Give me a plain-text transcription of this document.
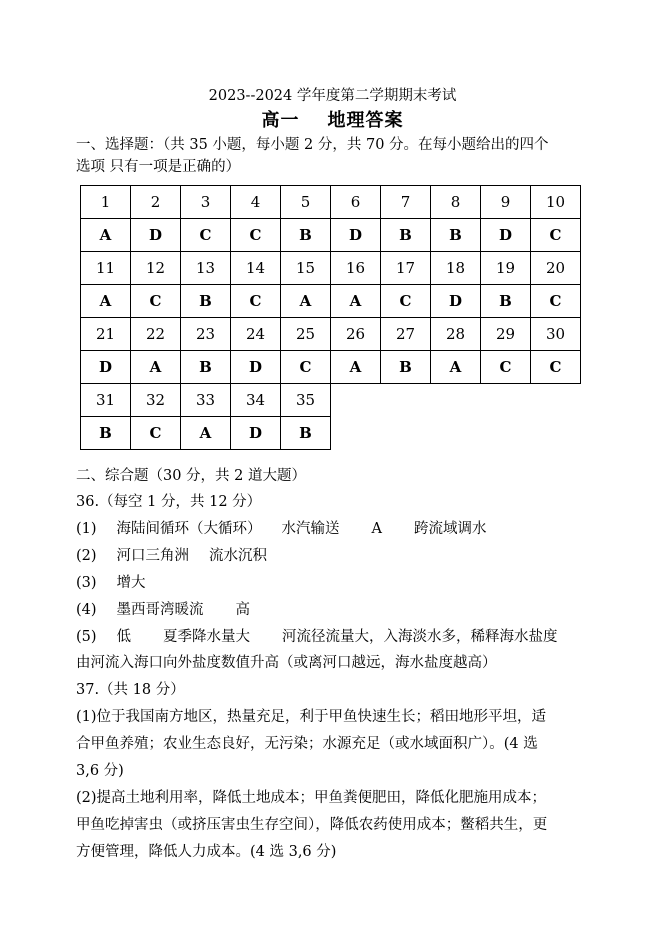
2023--2024 学年度第二学期期末考试
高一 地理答案
一、选择题：（共 35 小题，每小题 2 分，共 70 分。在每小题给出的四个
选项 只有一项是正确的）
1	2	3	4	5	6	7	8	9	10
A	D	C	C	B	D	B	B	D	C
11	12	13	14	15	16	17	18	19	20
A	C	B	C	A	A	C	D	B	C
21	22	23	24	25	26	27	28	29	30
D	A	B	D	C	A	B	A	C	C
31	32	33	34	35					
B	C	A	D	B					
二、综合题（30 分，共 2 道大题）
36.（每空 1 分，共 12 分）
(1) 海陆间循环（大循环） 水汽输送 A 跨流域调水
(2) 河口三角洲 流水沉积
(3) 增大
(4) 墨西哥湾暖流 高
(5) 低 夏季降水量大 河流径流量大，入海淡水多，稀释海水盐度
由河流入海口向外盐度数值升高（或离河口越远，海水盐度越高）
37.（共 18 分）
(1)位于我国南方地区，热量充足，利于甲鱼快速生长；稻田地形平坦，适
合甲鱼养殖；农业生态良好，无污染；水源充足（或水域面积广）。(4 选
3,6 分)
(2)提高土地利用率，降低土地成本；甲鱼粪便肥田，降低化肥施用成本；
甲鱼吃掉害虫（或挤压害虫生存空间），降低农药使用成本；鳖稻共生，更
方便管理，降低人力成本。(4 选 3,6 分)
